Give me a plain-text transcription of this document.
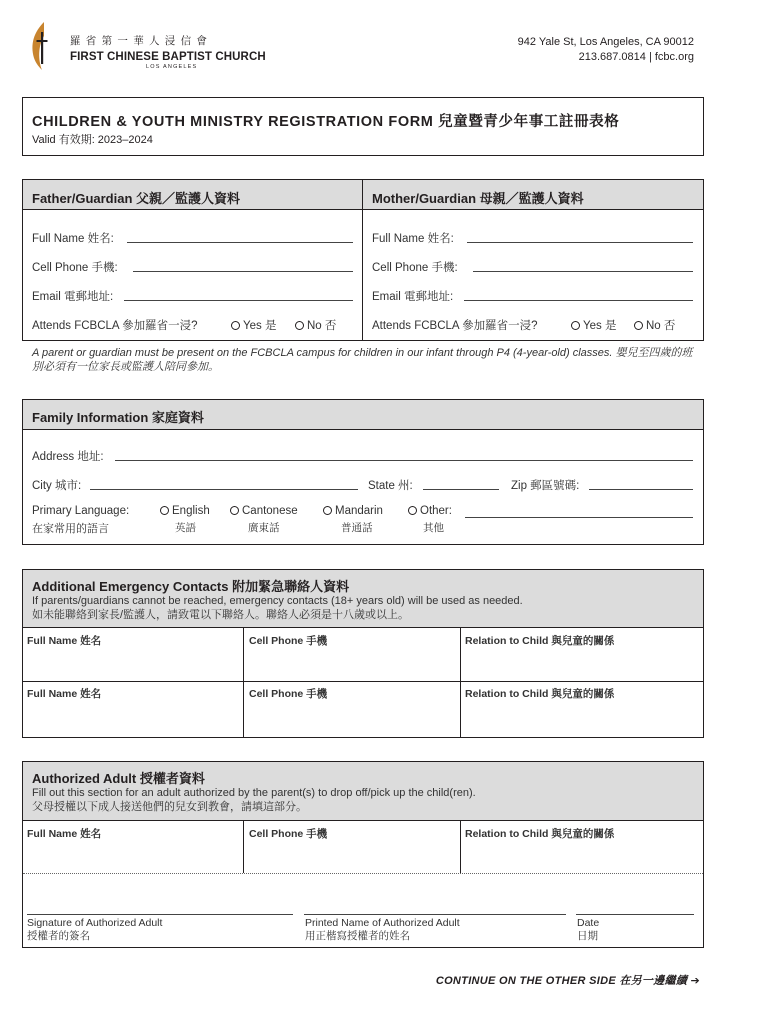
羅省第一華人浸信會
FIRST CHINESE BAPTIST CHURCH
LOS ANGELES
942 Yale St, Los Angeles, CA 90012
213.687.0814 | fcbc.org
CHILDREN & YOUTH MINISTRY REGISTRATION FORM 兒童暨青少年事工註冊表格
Valid 有效期: 2023–2024
Father/Guardian 父親／監護人資料	Mother/Guardian 母親／監護人資料
Full Name 姓名:
Cell Phone 手機:
Email 電郵地址:
Attends FCBCLA 參加羅省一浸?	Yes 是	No 否
Full Name 姓名:
Cell Phone 手機:
Email 電郵地址:
Attends FCBCLA 參加羅省一浸?	Yes 是	No 否
A parent or guardian must be present on the FCBCLA campus for children in our infant through P4 (4-year-old) classes. 嬰兒至四歲的班別必須有一位家長或監護人陪同參加。
Family Information 家庭資料
Address 地址:
City 城市:	State 州:	Zip 郵區號碼:
Primary Language:
在家常用的語言
English
英語
Cantonese
廣東話
Mandarin
普通話
Other:
其他
Additional Emergency Contacts 附加緊急聯絡人資料
If parents/guardians cannot be reached, emergency contacts (18+ years old) will be used as needed.
如未能聯絡到家長/監護人，請致電以下聯絡人。聯絡人必須是十八歲或以上。
Full Name 姓名	Cell Phone 手機	Relation to Child 與兒童的關係
Full Name 姓名	Cell Phone 手機	Relation to Child 與兒童的關係
Authorized Adult 授權者資料
Fill out this section for an adult authorized by the parent(s) to drop off/pick up the child(ren).
父母授權以下成人接送他們的兒女到教會，請填這部分。
Full Name 姓名	Cell Phone 手機	Relation to Child 與兒童的關係
Signature of Authorized Adult
授權者的簽名
Printed Name of Authorized Adult
用正楷寫授權者的姓名
Date
日期
CONTINUE ON THE OTHER SIDE 在另一邊繼續 ➔
